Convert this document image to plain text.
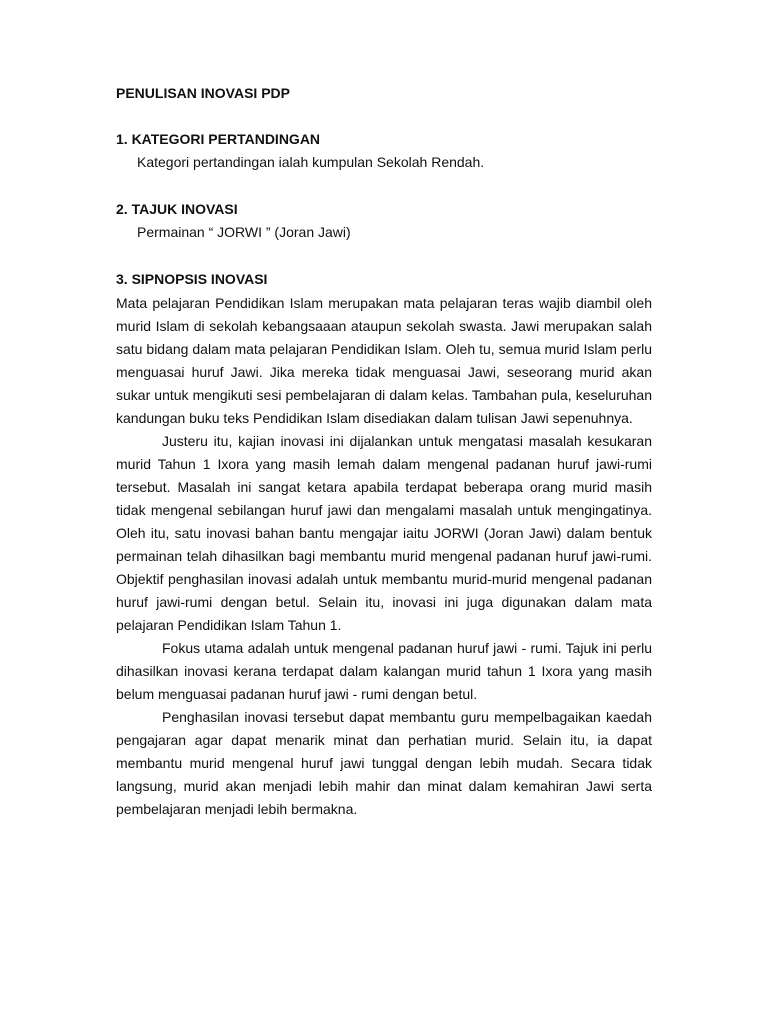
PENULISAN INOVASI PDP
1. KATEGORI PERTANDINGAN
Kategori pertandingan ialah kumpulan Sekolah Rendah.
2. TAJUK INOVASI
Permainan “ JORWI ” (Joran Jawi)
3. SIPNOPSIS INOVASI

Mata pelajaran Pendidikan Islam merupakan mata pelajaran teras wajib diambil oleh murid Islam di sekolah kebangsaaan ataupun sekolah swasta. Jawi merupakan salah satu bidang dalam mata pelajaran Pendidikan Islam. Oleh tu, semua murid Islam perlu menguasai huruf Jawi. Jika mereka tidak menguasai Jawi, seseorang murid akan sukar untuk mengikuti sesi pembelajaran di dalam kelas. Tambahan pula, keseluruhan kandungan buku teks Pendidikan Islam disediakan dalam tulisan Jawi sepenuhnya.

Justeru itu, kajian inovasi ini dijalankan untuk mengatasi masalah kesukaran murid Tahun 1 Ixora yang masih lemah dalam mengenal padanan huruf jawi-rumi tersebut. Masalah ini sangat ketara apabila terdapat beberapa orang murid masih tidak mengenal sebilangan huruf jawi dan mengalami masalah untuk mengingatinya. Oleh itu, satu inovasi bahan bantu mengajar iaitu JORWI (Joran Jawi) dalam bentuk permainan telah dihasilkan bagi membantu murid mengenal padanan huruf jawi-rumi. Objektif penghasilan inovasi adalah untuk membantu murid-murid mengenal padanan huruf jawi-rumi dengan betul. Selain itu, inovasi ini juga digunakan dalam mata pelajaran Pendidikan Islam Tahun 1.

Fokus utama adalah untuk mengenal padanan huruf jawi - rumi. Tajuk ini perlu dihasilkan inovasi kerana terdapat dalam kalangan murid tahun 1 Ixora yang masih belum menguasai padanan huruf jawi - rumi dengan betul.

Penghasilan inovasi tersebut dapat membantu guru mempelbagaikan kaedah pengajaran agar dapat menarik minat dan perhatian murid. Selain itu, ia dapat membantu murid mengenal huruf jawi tunggal dengan lebih mudah. Secara tidak langsung, murid akan menjadi lebih mahir dan minat dalam kemahiran Jawi serta pembelajaran menjadi lebih bermakna.
